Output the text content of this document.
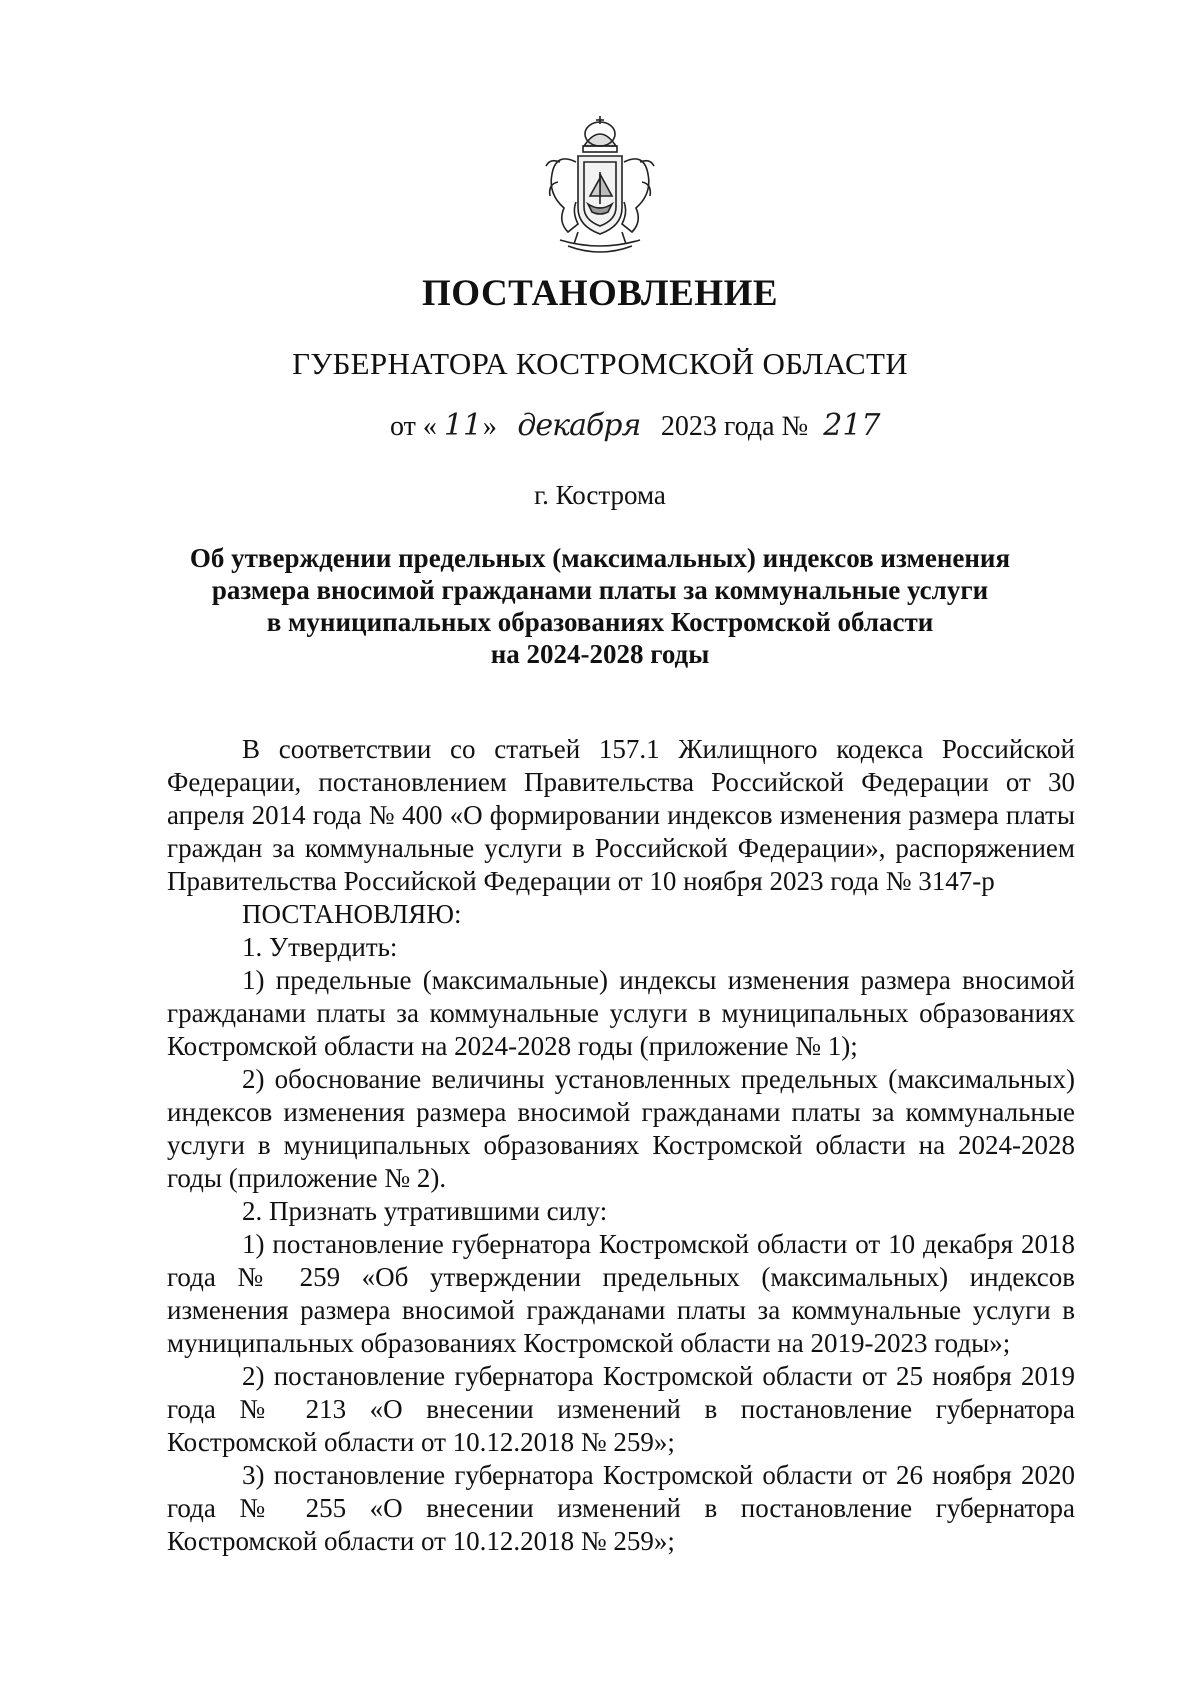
ПОСТАНОВЛЕНИЕ
ГУБЕРНАТОРА КОСТРОМСКОЙ ОБЛАСТИ
от « 11 » декабря 2023 года № 217
г. Кострома
Об утверждении предельных (максимальных) индексов изменения
размера вносимой гражданами платы за коммунальные услуги
в муниципальных образованиях Костромской области
на 2024-2028 годы

В соответствии со статьей 157.1 Жилищного кодекса Российской Федерации, постановлением Правительства Российской Федерации от 30 апреля 2014 года № 400 «О формировании индексов изменения размера платы граждан за коммунальные услуги в Российской Федерации», распоряжением Правительства Российской Федерации от 10 ноября 2023 года № 3147-р

ПОСТАНОВЛЯЮ:

1. Утвердить:

1) предельные (максимальные) индексы изменения размера вносимой гражданами платы за коммунальные услуги в муниципальных образованиях Костромской области на 2024-2028 годы (приложение № 1);

2) обоснование величины установленных предельных (максимальных) индексов изменения размера вносимой гражданами платы за коммунальные услуги в муниципальных образованиях Костромской области на 2024-2028 годы (приложение № 2).

2. Признать утратившими силу:

1) постановление губернатора Костромской области от 10 декабря 2018 года № 259 «Об утверждении предельных (максимальных) индексов изменения размера вносимой гражданами платы за коммунальные услуги в муниципальных образованиях Костромской области на 2019-2023 годы»;

2) постановление губернатора Костромской области от 25 ноября 2019 года № 213 «О внесении изменений в постановление губернатора Костромской области от 10.12.2018 № 259»;

3) постановление губернатора Костромской области от 26 ноября 2020 года № 255 «О внесении изменений в постановление губернатора Костромской области от 10.12.2018 № 259»;
